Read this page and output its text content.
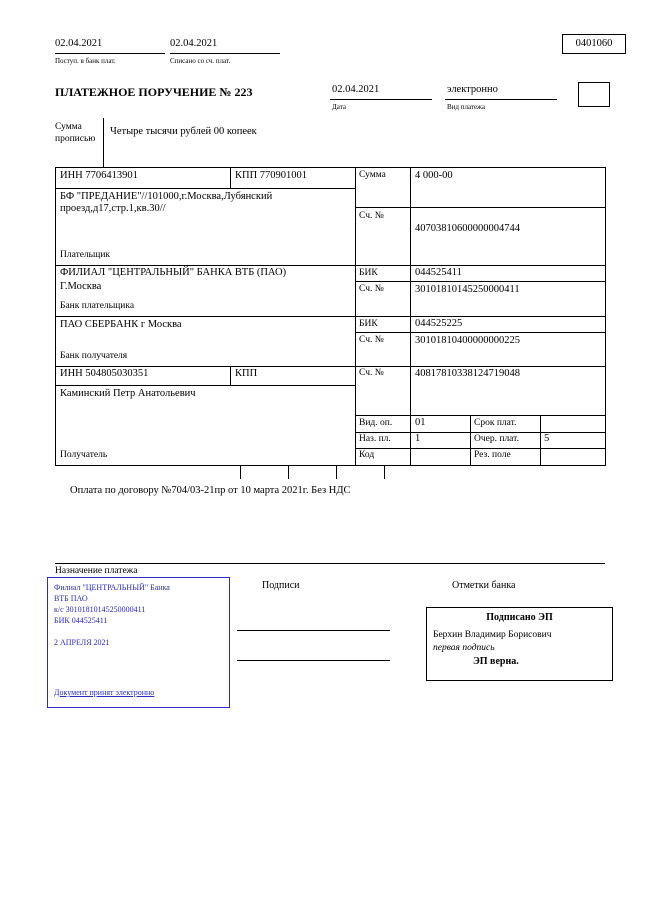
02.04.2021
Поступ. в банк плат.
02.04.2021
Списано со сч. плат.
0401060
ПЛАТЕЖНОЕ ПОРУЧЕНИЕ № 223	02.04.2021
Дата
электронно
Вид платежа
Сумма
прописью
Четыре тысячи рублей 00 копеек
ИНН 7706413901	КПП 770901001	Сумма	4 000-00
БФ "ПРЕДАНИЕ"//101000,г.Москва,Лубянский проезд,д17,стр.1,кв.30//
Сч. №
40703810600000004744
Плательщик
ФИЛИАЛ "ЦЕНТРАЛЬНЫЙ" БАНКА ВТБ (ПАО)
Г.Москва
БИК	044525411
Сч. №	30101810145250000411
Банк плательщика
ПАО СБЕРБАНК г Москва	БИК	044525225
Сч. №	30101810400000000225
Банк получателя
ИНН 504805030351	КПП	Сч. №	40817810338124719048
Каминский Петр Анатольевич
Вид. оп. 01	Срок плат.
Наз. пл. 1	Очер. плат. 5
Код	Рез. поле
Получатель
Оплата по договору №704/03-21пр от 10 марта 2021г. Без НДС
Назначение платежа
Подписи	Отметки банка
Подписано ЭП
Берхин Владимир Борисович
первая подпись
ЭП верна.
Филиал "ЦЕНТРАЛЬНЫЙ" Банка
ВТБ ПАО
к/с 30101810145250000411
БИК 044525411
2 АПРЕЛЯ 2021
Документ принят электронно
